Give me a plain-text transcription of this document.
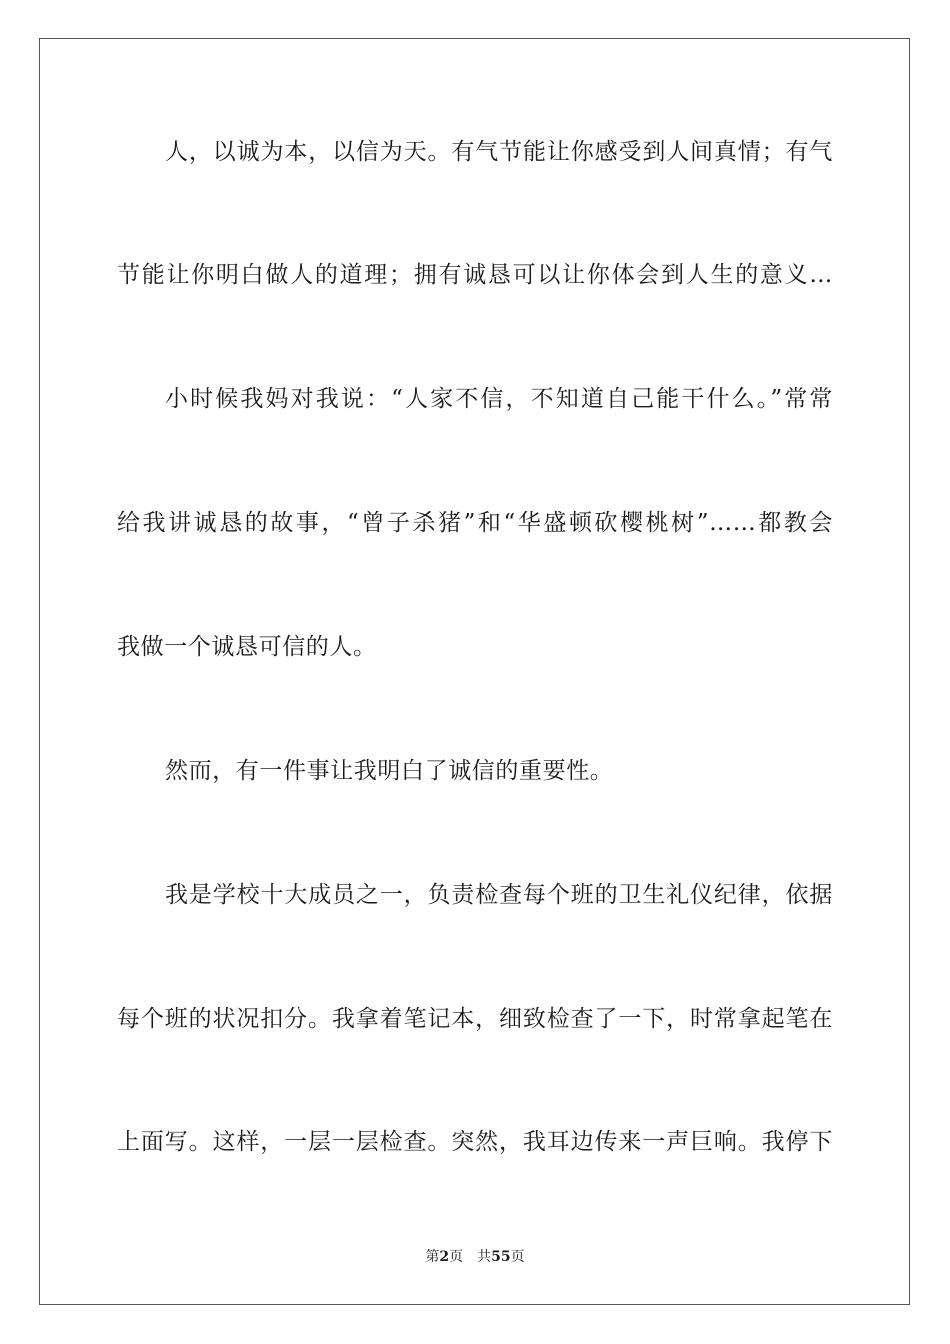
人，以诚为本，以信为天。有气节能让你感受到人间真情；有气
节能让你明白做人的道理；拥有诚恳可以让你体会到人生的意义…
小时候我妈对我说：“人家不信，不知道自己能干什么。”常常
给我讲诚恳的故事，“曾子杀猪”和“华盛顿砍樱桃树”……都教会
我做一个诚恳可信的人。
然而，有一件事让我明白了诚信的重要性。
我是学校十大成员之一，负责检查每个班的卫生礼仪纪律，依据
每个班的状况扣分。我拿着笔记本，细致检查了一下，时常拿起笔在
上面写。这样，一层一层检查。突然，我耳边传来一声巨响。我停下
第2页 共55页
